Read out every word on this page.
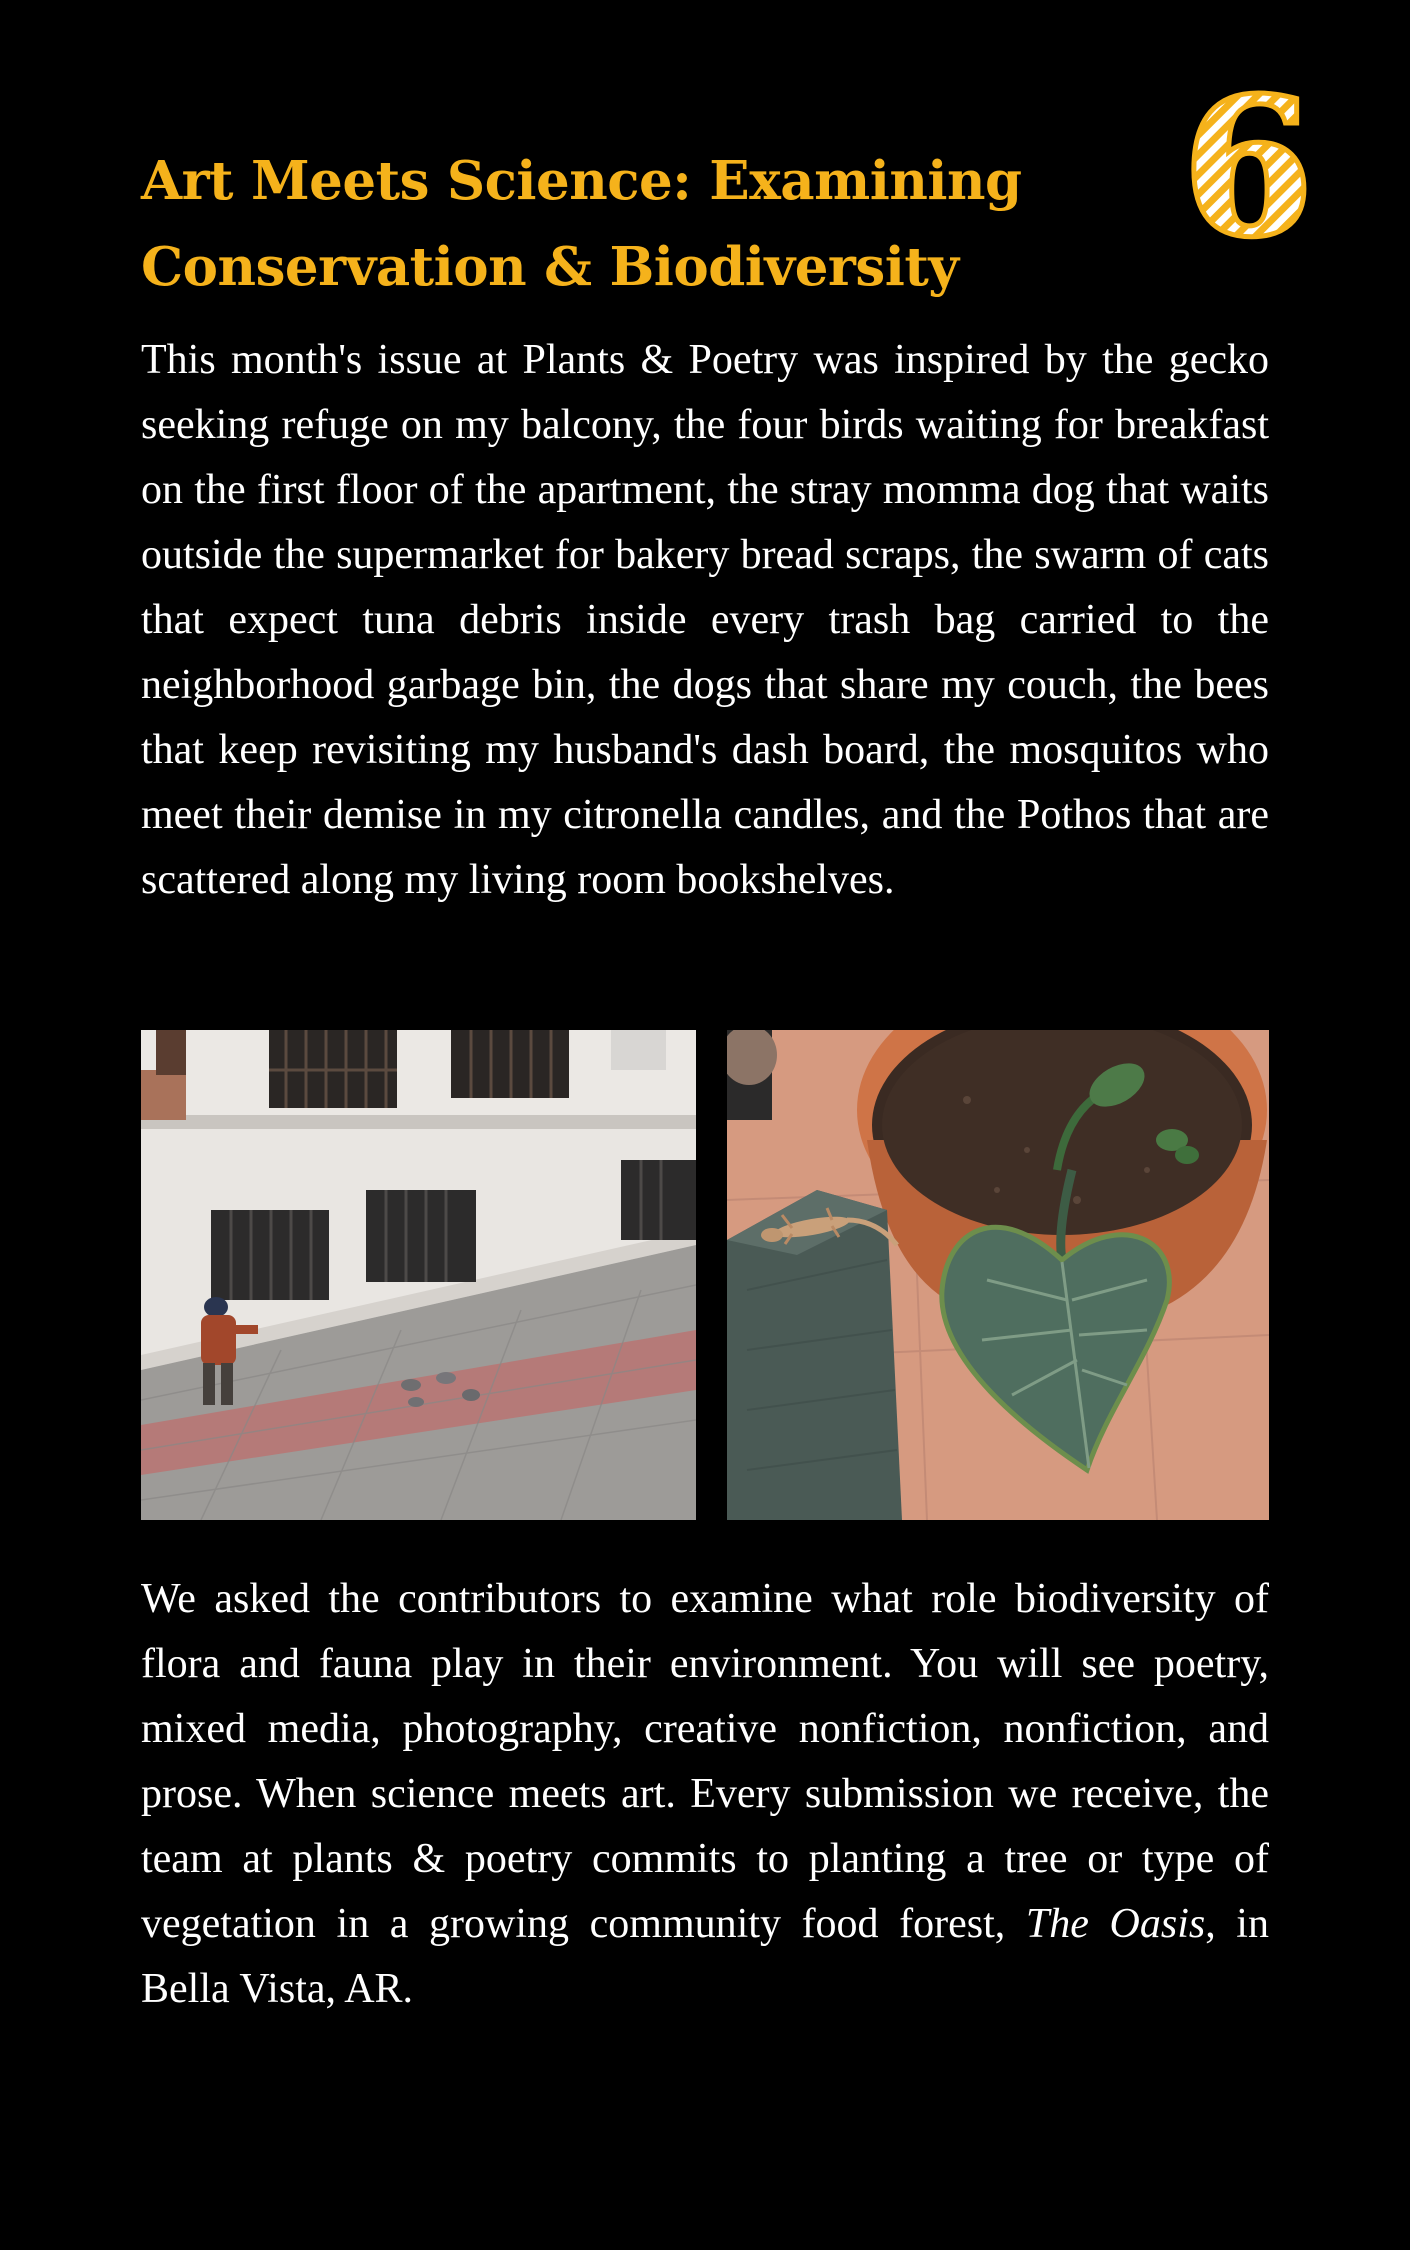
6
Art Meets Science: Examining
Conservation & Biodiversity

This month's issue at Plants & Poetry was inspired by the gecko seeking refuge on my balcony, the four birds waiting for breakfast on the first floor of the apartment, the stray momma dog that waits outside the supermarket for bakery bread scraps, the swarm of cats that expect tuna debris inside every trash bag carried to the neighborhood garbage bin, the dogs that share my couch, the bees that keep revisiting my husband's dash board, the mosquitos who meet their demise in my citronella candles, and the Pothos that are scattered along my living room bookshelves.

We asked the contributors to examine what role biodiversity of flora and fauna play in their environment. You will see poetry, mixed media, photography, creative nonfiction, nonfiction, and prose. When science meets art. Every submission we receive, the team at plants & poetry commits to planting a tree or type of vegetation in a growing community food forest, The Oasis, in Bella Vista, AR.
